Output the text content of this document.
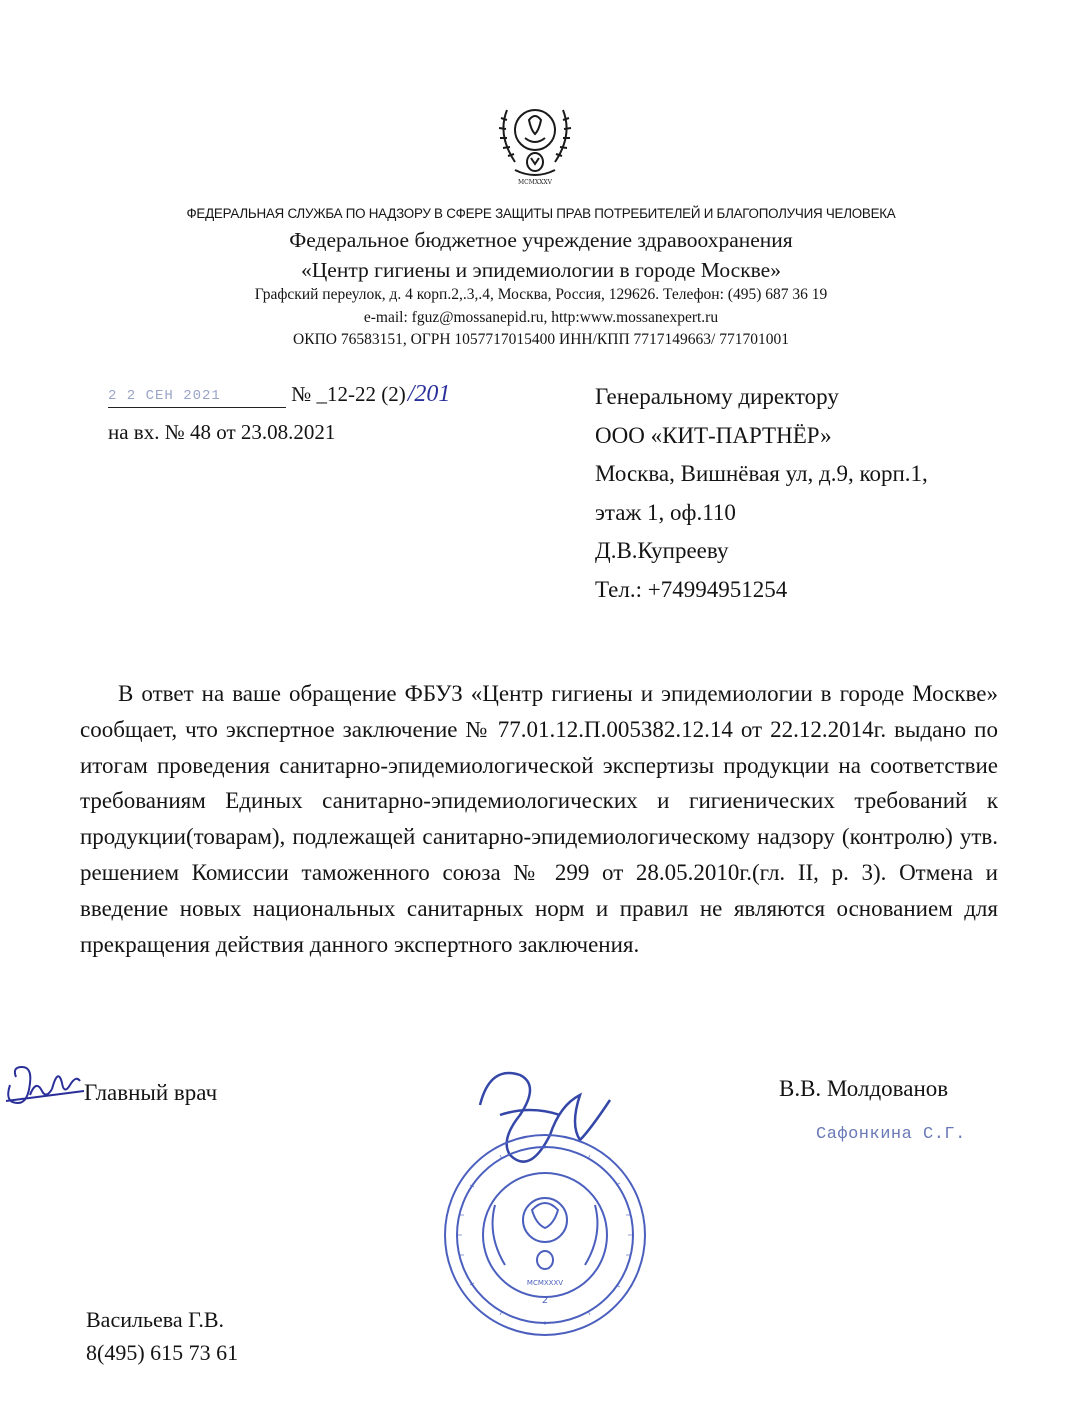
MCMXXXV
ФЕДЕРАЛЬНАЯ СЛУЖБА ПО НАДЗОРУ В СФЕРЕ ЗАЩИТЫ ПРАВ ПОТРЕБИТЕЛЕЙ И БЛАГОПОЛУЧИЯ ЧЕЛОВЕКА
Федеральное бюджетное учреждение здравоохранения
«Центр гигиены и эпидемиологии в городе Москве»
Графский переулок, д. 4 корп.2,.3,.4, Москва, Россия, 129626. Телефон: (495) 687 36 19
e-mail: fguz@mossanepid.ru, http:www.mossanexpert.ru
ОКПО 76583151, ОГРН 1057717015400 ИНН/КПП 7717149663/ 771701001
2 2 СЕН 2021	№ _12-22 (2)/201
на вх. № 48 от 23.08.2021
Генеральному директору
ООО «КИТ-ПАРТНЁР»
Москва, Вишнёвая ул, д.9, корп.1,
этаж 1, оф.110
Д.В.Купрееву
Тел.: +74994951254

В ответ на ваше обращение ФБУЗ «Центр гигиены и эпидемиологии в городе Москве» сообщает, что экспертное заключение № 77.01.12.П.005382.12.14 от 22.12.2014г. выдано по итогам проведения санитарно-эпидемиологической экспертизы продукции на соответствие требованиям Единых санитарно-эпидемиологических и гигиенических требований к продукции(товарам), подлежащей санитарно-эпидемиологическому надзору (контролю) утв. решением Комиссии таможенного союза № 299 от 28.05.2010г.(гл. II, р. 3). Отмена и введение новых национальных санитарных норм и правил не являются основанием для прекращения действия данного экспертного заключения.

Главный врач	В.В. Молдованов
Сафонкина С.Г.
MCMXXXV
2
Васильева Г.В.
8(495) 615 73 61
